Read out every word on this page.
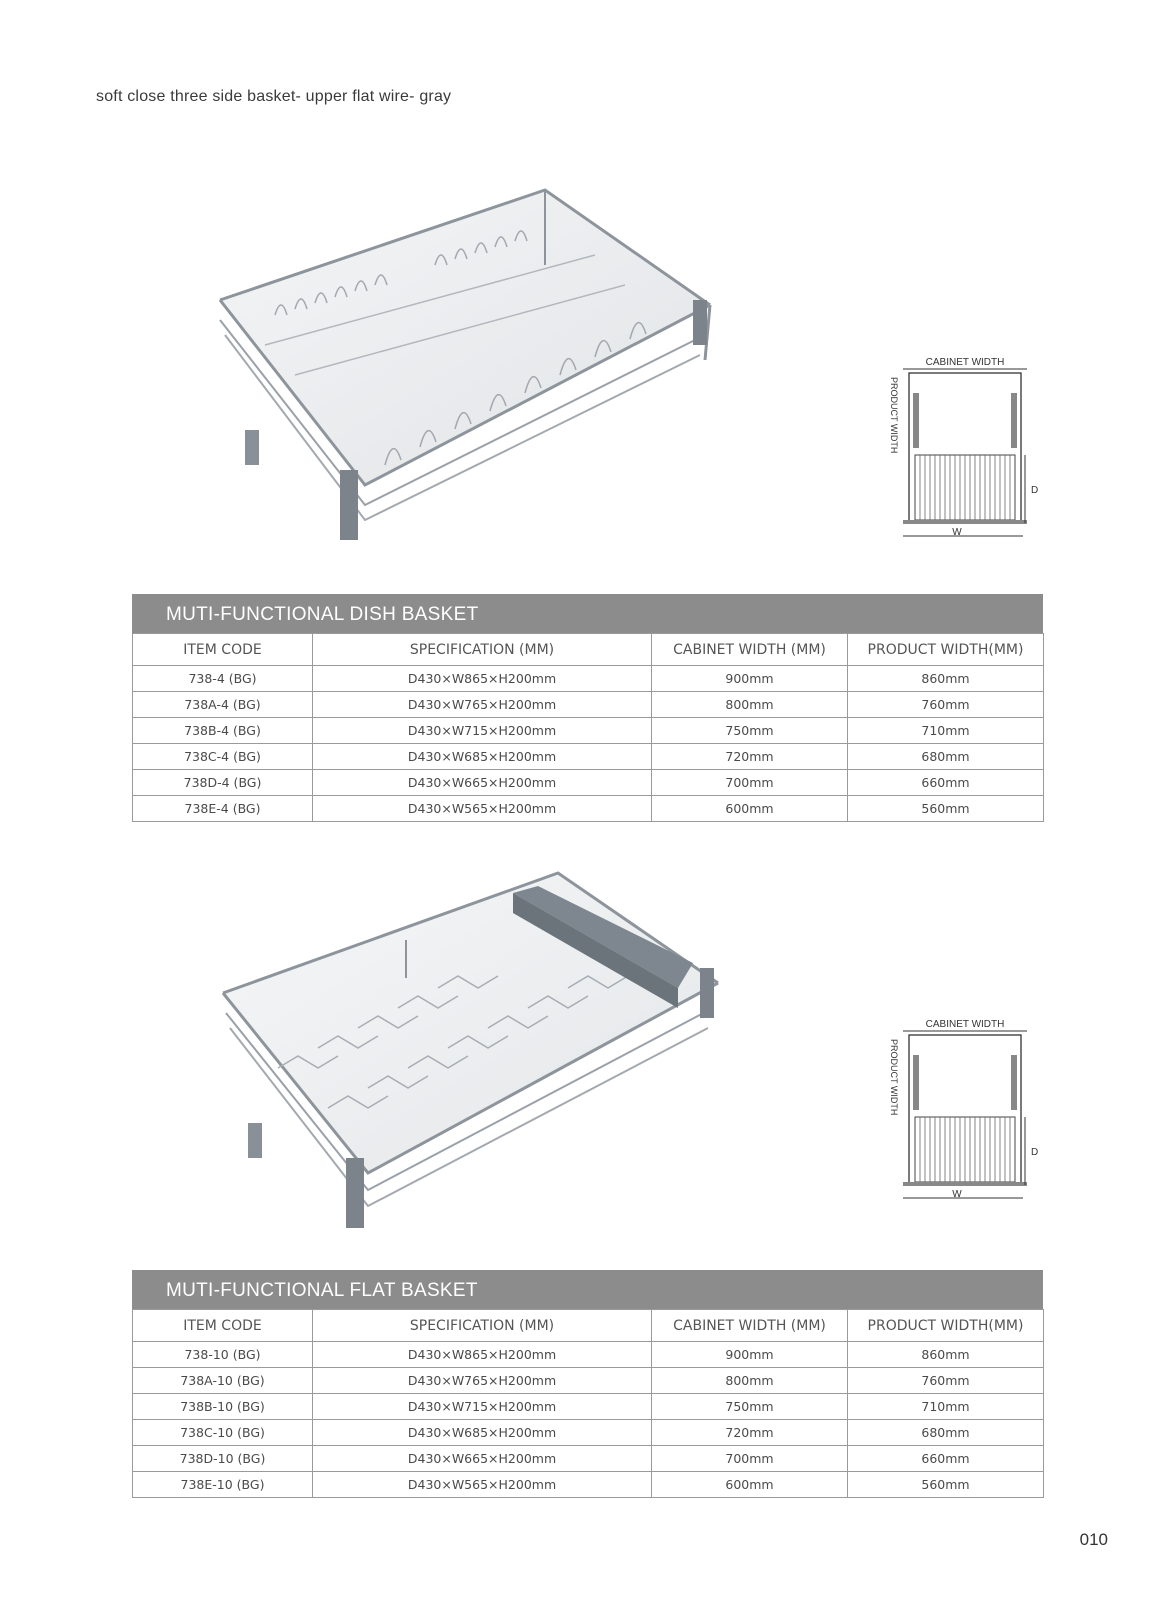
soft close three side basket- upper flat wire- gray
CABINET WIDTH
D
W
PRODUCT WIDTH
MUTI-FUNCTIONAL DISH BASKET
ITEM CODE	SPECIFICATION (MM)	CABINET WIDTH (MM)	PRODUCT WIDTH(MM)
738-4 (BG)	D430×W865×H200mm	900mm	860mm
738A-4 (BG)	D430×W765×H200mm	800mm	760mm
738B-4 (BG)	D430×W715×H200mm	750mm	710mm
738C-4 (BG)	D430×W685×H200mm	720mm	680mm
738D-4 (BG)	D430×W665×H200mm	700mm	660mm
738E-4 (BG)	D430×W565×H200mm	600mm	560mm
CABINET WIDTH
D
W
PRODUCT WIDTH
MUTI-FUNCTIONAL FLAT BASKET
ITEM CODE	SPECIFICATION (MM)	CABINET WIDTH (MM)	PRODUCT WIDTH(MM)
738-10 (BG)	D430×W865×H200mm	900mm	860mm
738A-10 (BG)	D430×W765×H200mm	800mm	760mm
738B-10 (BG)	D430×W715×H200mm	750mm	710mm
738C-10 (BG)	D430×W685×H200mm	720mm	680mm
738D-10 (BG)	D430×W665×H200mm	700mm	660mm
738E-10 (BG)	D430×W565×H200mm	600mm	560mm
010
